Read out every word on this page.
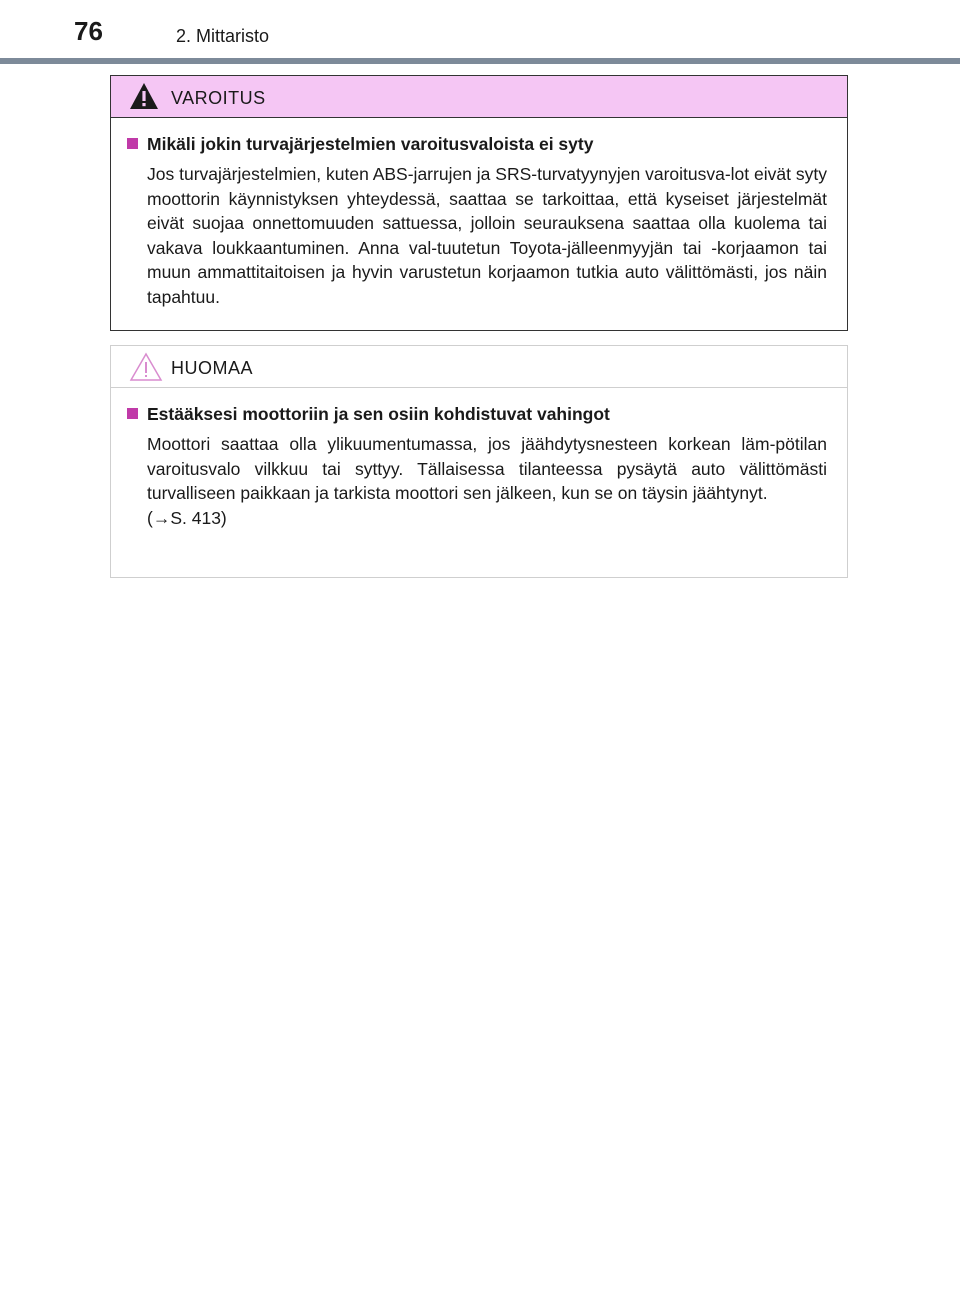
76	2. Mittaristo
VAROITUS
Mikäli jokin turvajärjestelmien varoitusvaloista ei syty
Jos turvajärjestelmien, kuten ABS-jarrujen ja SRS-turvatyynyjen varoitusva-lot eivät syty moottorin käynnistyksen yhteydessä, saattaa se tarkoittaa, että kyseiset järjestelmät eivät suojaa onnettomuuden sattuessa, jolloin seurauksena saattaa olla kuolema tai vakava loukkaantuminen. Anna val-tuutetun Toyota-jälleenmyyjän tai -korjaamon tai muun ammattitaitoisen ja hyvin varustetun korjaamon tutkia auto välittömästi, jos näin tapahtuu.
HUOMAA
Estääksesi moottoriin ja sen osiin kohdistuvat vahingot
Moottori saattaa olla ylikuumentumassa, jos jäähdytysnesteen korkean läm-pötilan varoitusvalo vilkkuu tai syttyy. Tällaisessa tilanteessa pysäytä auto välittömästi turvalliseen paikkaan ja tarkista moottori sen jälkeen, kun se on täysin jäähtynyt.
(→S. 413)
